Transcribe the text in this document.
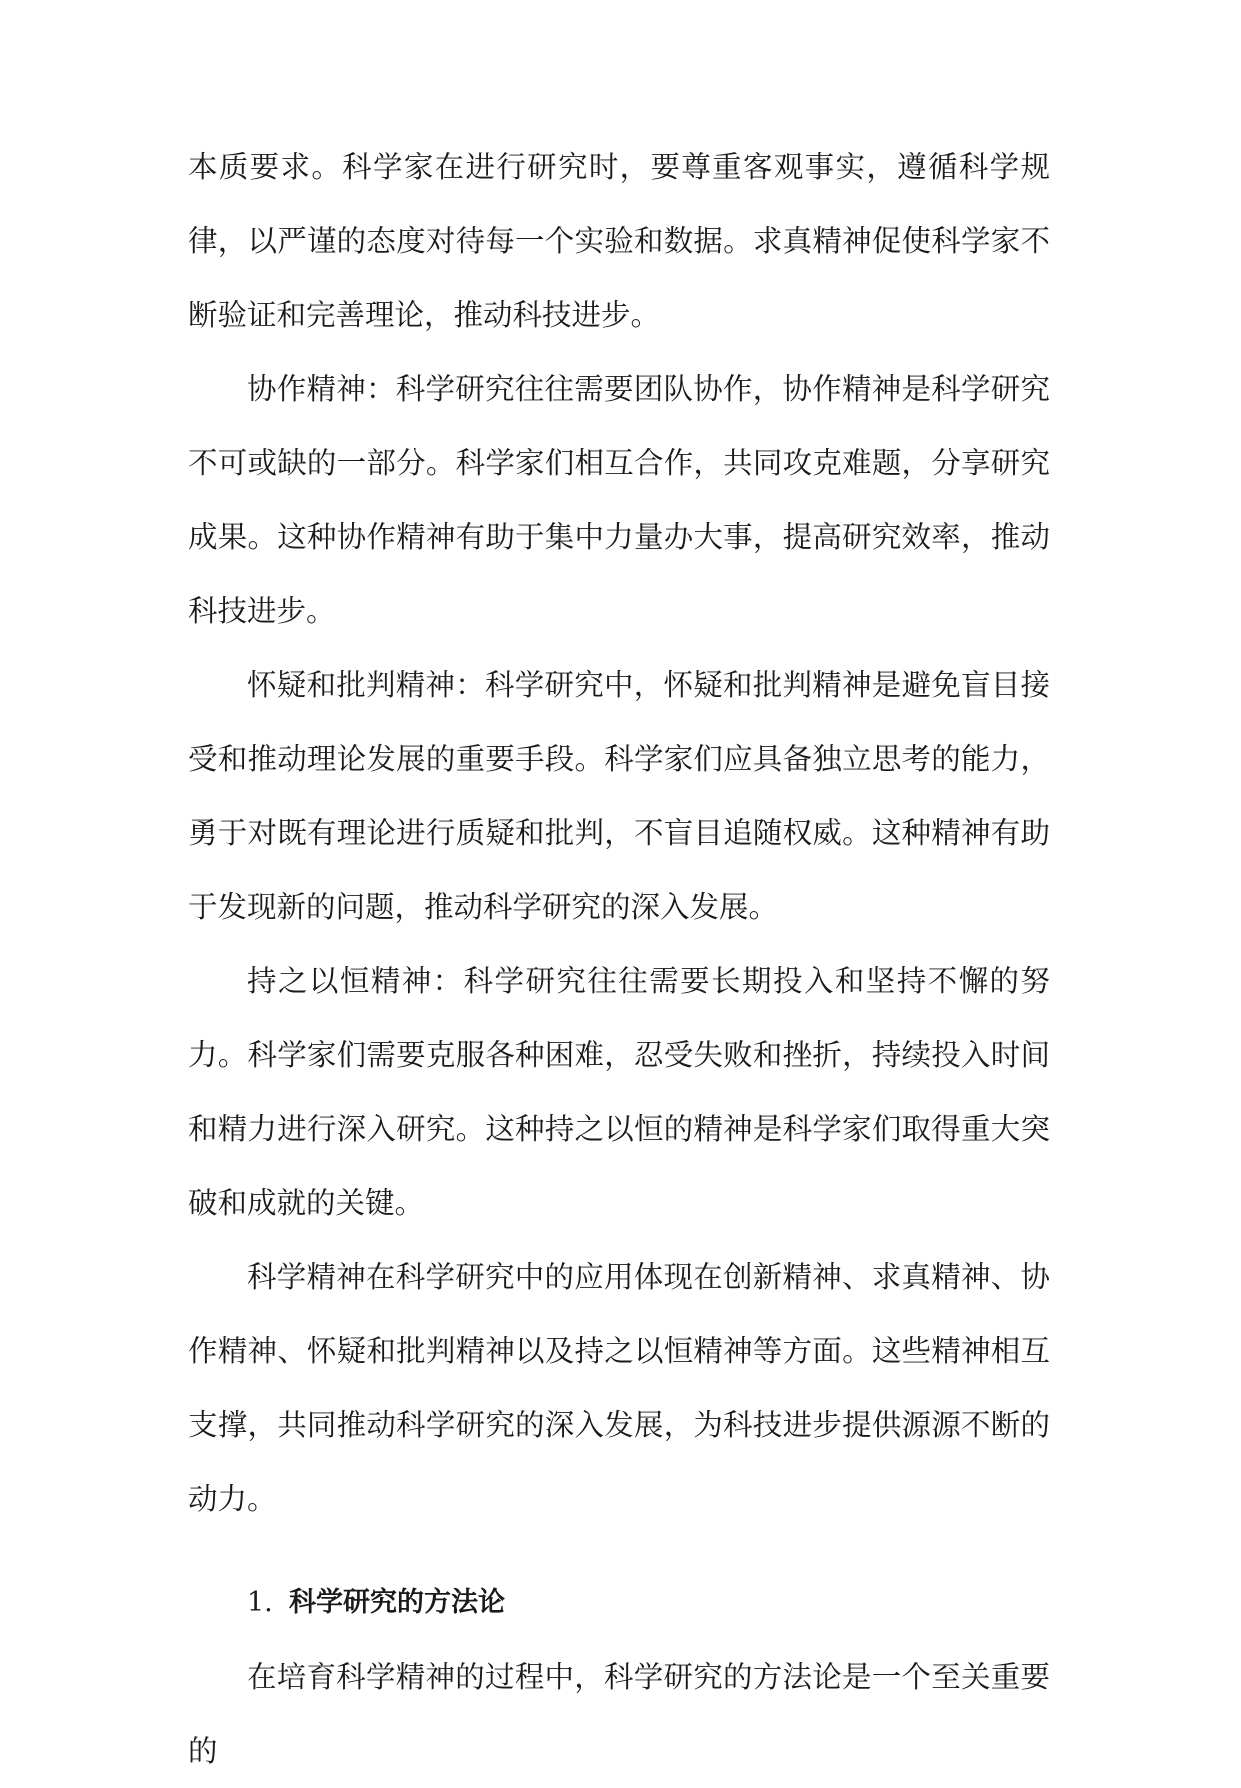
本质要求。科学家在进行研究时，要尊重客观事实，遵循科学规律，以严谨的态度对待每一个实验和数据。求真精神促使科学家不断验证和完善理论，推动科技进步。

协作精神：科学研究往往需要团队协作，协作精神是科学研究不可或缺的一部分。科学家们相互合作，共同攻克难题，分享研究成果。这种协作精神有助于集中力量办大事，提高研究效率，推动科技进步。

怀疑和批判精神：科学研究中，怀疑和批判精神是避免盲目接受和推动理论发展的重要手段。科学家们应具备独立思考的能力，勇于对既有理论进行质疑和批判，不盲目追随权威。这种精神有助于发现新的问题，推动科学研究的深入发展。

持之以恒精神：科学研究往往需要长期投入和坚持不懈的努力。科学家们需要克服各种困难，忍受失败和挫折，持续投入时间和精力进行深入研究。这种持之以恒的精神是科学家们取得重大突破和成就的关键。

科学精神在科学研究中的应用体现在创新精神、求真精神、协作精神、怀疑和批判精神以及持之以恒精神等方面。这些精神相互支撑，共同推动科学研究的深入发展，为科技进步提供源源不断的动力。

1. 科学研究的方法论

在培育科学精神的过程中，科学研究的方法论是一个至关重要的
